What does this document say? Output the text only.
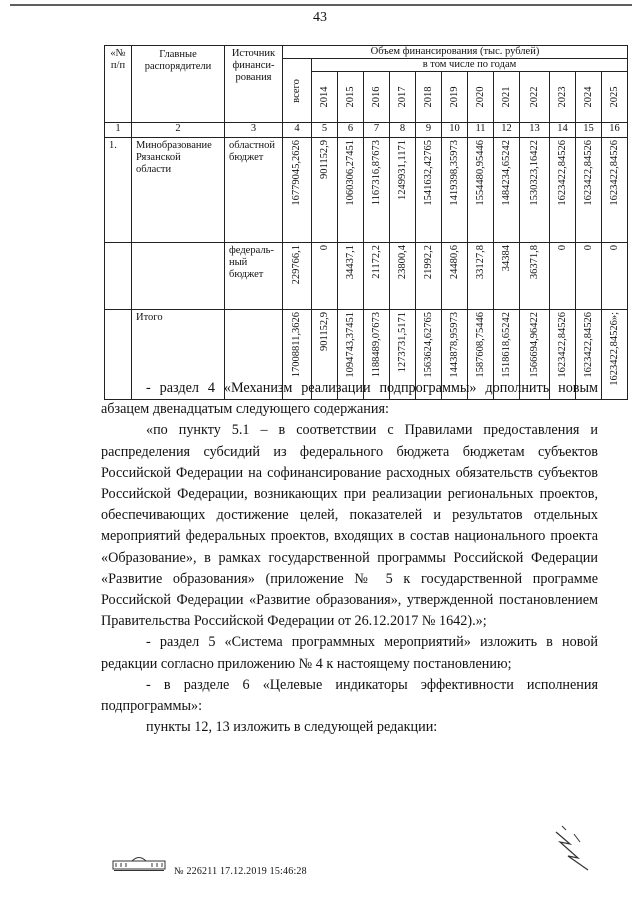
43
«№
п/п	Главные
распорядители	Источник
финанси-
рования	Объем финансирования (тыс. рублей)												

			всего	в том числе по годам											

				2014	2015	2016	2017	2018	2019	2020	2021	2022	2023	2024	2025

1	2	3	4	5	6	7	8	9	10	11	12	13	14	15	16
1.	Минобразование
Рязанской
области	областной
бюджет	16779045,2626	901152,9	1060306,27451	1167316,87673	1249931,1171	1541632,42765	1419398,35973	1554480,95446	1484234,65242	1530323,16422	1623422,84526	1623422,84526	1623422,84526

		федераль-
ный
бюджет	229766,1	0	34437,1	21172,2	23800,4	21992,2	24480,6	33127,8	34384	36371,8	0	0	0

	Итого		17008811,3626	901152,9	1094743,37451	1188489,07673	1273731,5171	1563624,62765	1443878,95973	1587608,75446	1518618,65242	1566694,96422	1623422,84526	1623422,84526	1623422,84526»;

- раздел 4 «Механизм реализации подпрограммы» дополнить новым абзацем двенадцатым следующего содержания:

«по пункту 5.1 – в соответствии с Правилами предоставления и распределения субсидий из федерального бюджета бюджетам субъектов Российской Федерации на софинансирование расходных обязательств субъектов Российской Федерации, возникающих при реализации региональных проектов, обеспечивающих достижение целей, показателей и результатов отдельных мероприятий федеральных проектов, входящих в состав национального проекта «Образование», в рамках государственной программы Российской Федерации «Развитие образования» (приложение № 5 к государственной программе Российской Федерации «Развитие образования», утвержденной постановлением Правительства Российской Федерации от 26.12.2017 № 1642).»;

- раздел 5 «Система программных мероприятий» изложить в новой редакции согласно приложению № 4 к настоящему постановлению;

- в разделе 6 «Целевые индикаторы эффективности исполнения подпрограммы»:

пункты 12, 13 изложить в следующей редакции:

№ 226211 17.12.2019 15:46:28
